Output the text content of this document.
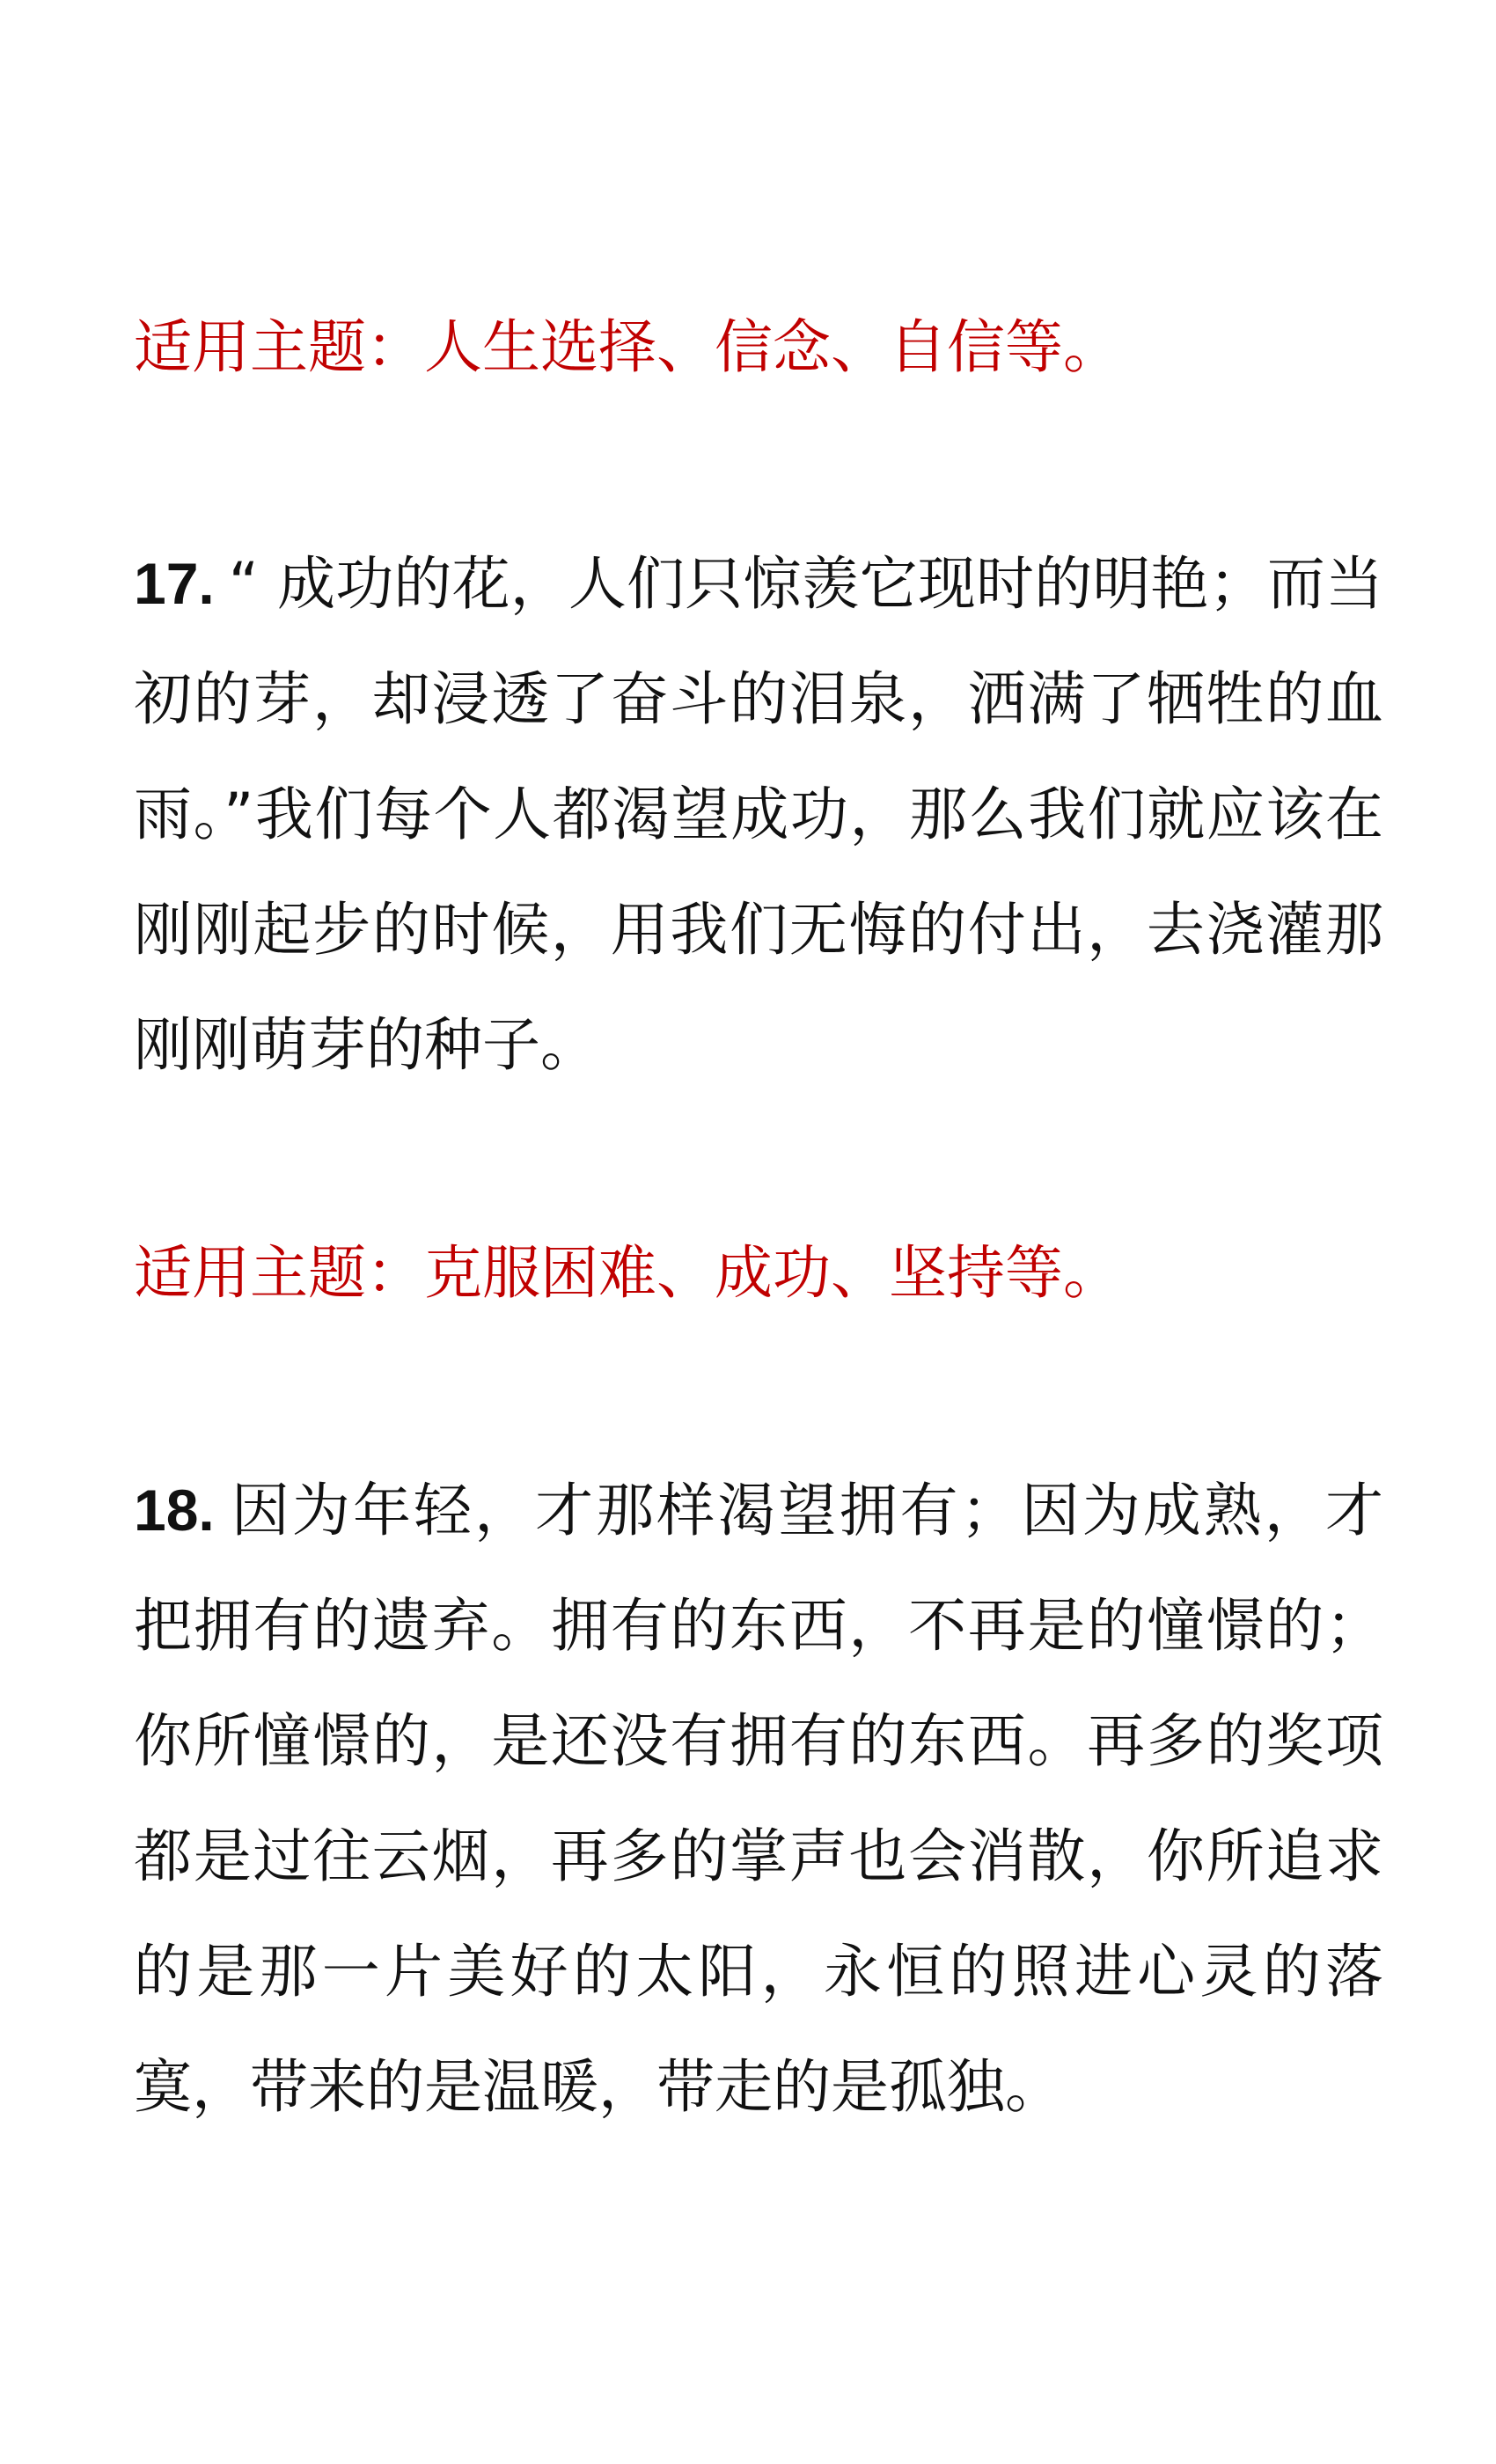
适用主题：人生选择、信念、自信等。

17. “ 成功的花，人们只惊羡它现时的明艳；而当初的芽，却浸透了奋斗的泪泉，洒满了牺牲的血雨。”我们每个人都渴望成功，那么我们就应该在刚刚起步的时候，用我们无悔的付出，去浇灌那刚刚萌芽的种子。

适用主题：克服困难、成功、坚持等。

18. 因为年轻，才那样渴望拥有；因为成熟，才把拥有的遗弃。拥有的东西，不再是的憧憬的；你所憧憬的，是还没有拥有的东西。再多的奖项都是过往云烟，再多的掌声也会消散，你所追求的是那一片美好的太阳，永恒的照进心灵的落寞，带来的是温暖，带走的是孤独。
